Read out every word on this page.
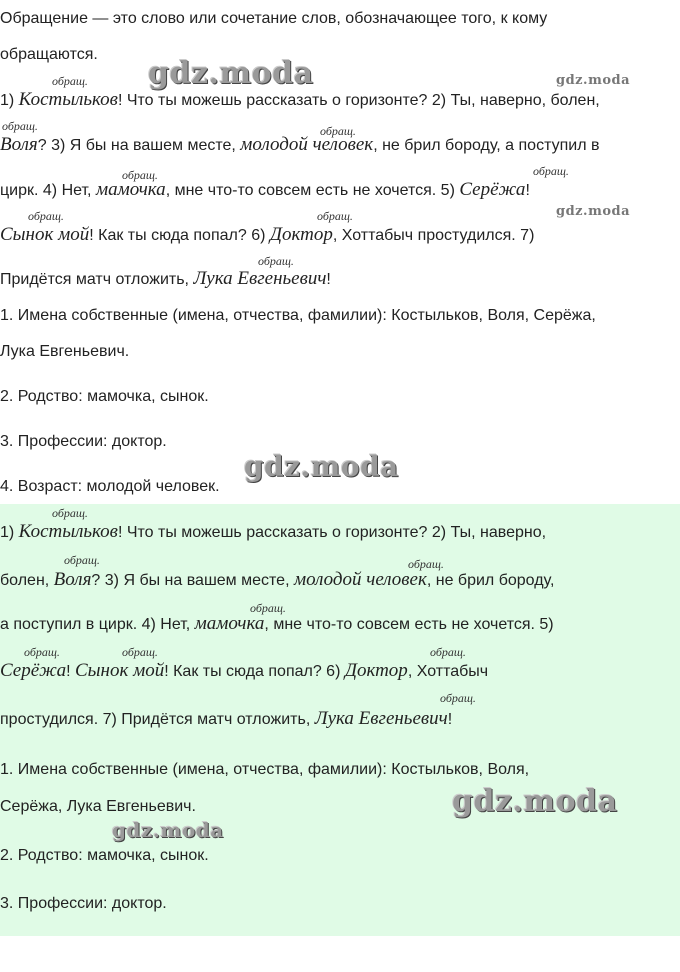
Обращение — это слово или сочетание слов, обозначающее того, к кому
обращаются.
обращ.
обращ.	обращ.
обращ.	обращ.
обращ.	обращ.
обращ.
1) Костыльков! Что ты можешь рассказать о горизонте? 2) Ты, наверно, болен,
Воля? 3) Я бы на вашем месте, молодой человек, не брил бороду, а поступил в
цирк. 4) Нет, мамочка, мне что-то совсем есть не хочется. 5) Серёжа!
Сынок мой! Как ты сюда попал? 6) Доктор, Хоттабыч простудился. 7)
Придётся матч отложить, Лука Евгеньевич!
1. Имена собственные (имена, отчества, фамилии): Костыльков, Воля, Серёжа,
Лука Евгеньевич.
2. Родство: мамочка, сынок.
3. Профессии: доктор.
4. Возраст: молодой человек.
обращ.
обращ.	обращ.
обращ.
обращ.	обращ.	обращ.
обращ.
1) Костыльков! Что ты можешь рассказать о горизонте? 2) Ты, наверно,
болен, Воля? 3) Я бы на вашем месте, молодой человек, не брил бороду,
а поступил в цирк. 4) Нет, мамочка, мне что-то совсем есть не хочется. 5)
Серёжа! Сынок мой! Как ты сюда попал? 6) Доктор, Хоттабыч
простудился. 7) Придётся матч отложить, Лука Евгеньевич!
1. Имена собственные (имена, отчества, фамилии): Костыльков, Воля,
Серёжа, Лука Евгеньевич.
2. Родство: мамочка, сынок.
3. Профессии: доктор.
gdz.moda	gdz.moda
gdz.moda
gdz.moda
gdz.moda
gdz.moda
